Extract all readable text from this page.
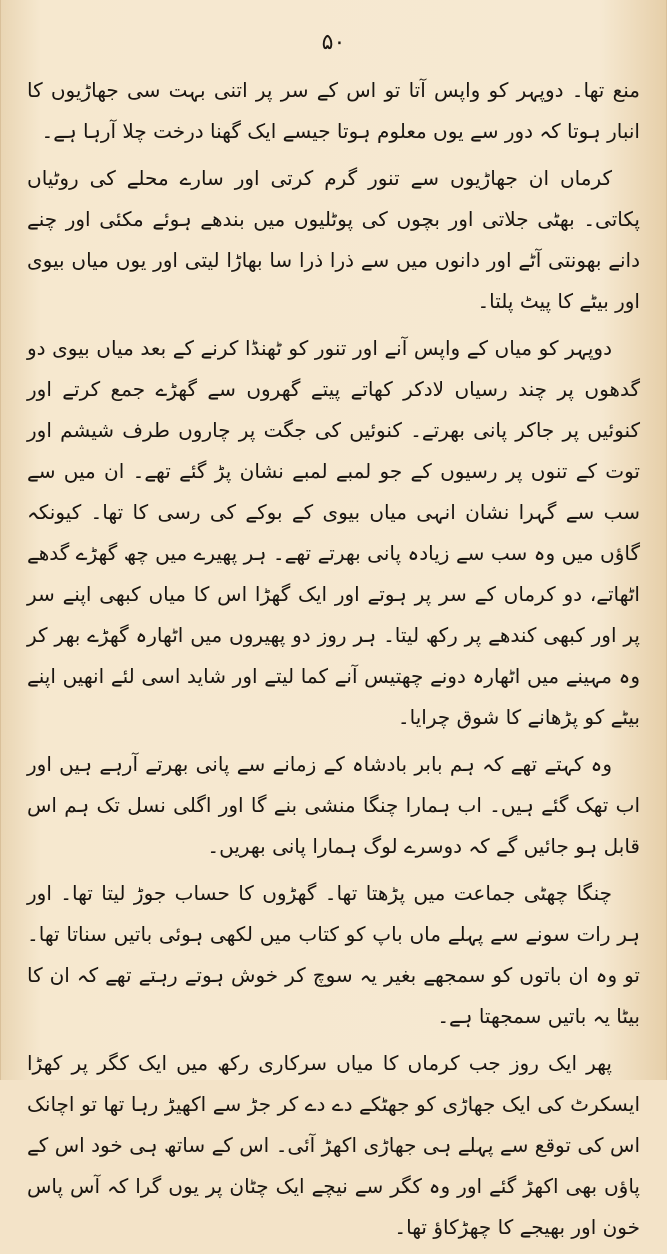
۵۰

منع تھا۔ دوپہر کو واپس آتا تو اس کے سر پر اتنی بہت سی جھاڑیوں کا انبار ہوتا کہ دور سے یوں معلوم ہوتا جیسے ایک گھنا درخت چلا آرہا ہے۔

کرماں ان جھاڑیوں سے تنور گرم کرتی اور سارے محلے کی روٹیاں پکاتی۔ بھٹی جلاتی اور بچوں کی پوٹلیوں میں بندھے ہوئے مکئی اور چنے دانے بھونتی آٹے اور دانوں میں سے ذرا ذرا سا بھاڑا لیتی اور یوں میاں بیوی اور بیٹے کا پیٹ پلتا۔

دوپہر کو میاں کے واپس آنے اور تنور کو ٹھنڈا کرنے کے بعد میاں بیوی دو گدھوں پر چند رسیاں لادکر کھاتے پیتے گھروں سے گھڑے جمع کرتے اور کنوئیں پر جاکر پانی بھرتے۔ کنوئیں کی جگت پر چاروں طرف شیشم اور توت کے تنوں پر رسیوں کے جو لمبے لمبے نشان پڑ گئے تھے۔ ان میں سے سب سے گہرا نشان انہی میاں بیوی کے بوکے کی رسی کا تھا۔ کیونکہ گاؤں میں وہ سب سے زیادہ پانی بھرتے تھے۔ ہر پھیرے میں چھ گھڑے گدھے اٹھاتے، دو کرماں کے سر پر ہوتے اور ایک گھڑا اس کا میاں کبھی اپنے سر پر اور کبھی کندھے پر رکھ لیتا۔ ہر روز دو پھیروں میں اٹھارہ گھڑے بھر کر وہ مہینے میں اٹھارہ دونے چھتیس آنے کما لیتے اور شاید اسی لئے انھیں اپنے بیٹے کو پڑھانے کا شوق چرایا۔

وہ کہتے تھے کہ ہم بابر بادشاہ کے زمانے سے پانی بھرتے آرہے ہیں اور اب تھک گئے ہیں۔ اب ہمارا چنگا منشی بنے گا اور اگلی نسل تک ہم اس قابل ہو جائیں گے کہ دوسرے لوگ ہمارا پانی بھریں۔

چنگا چھٹی جماعت میں پڑھتا تھا۔ گھڑوں کا حساب جوڑ لیتا تھا۔ اور ہر رات سونے سے پہلے ماں باپ کو کتاب میں لکھی ہوئی باتیں سناتا تھا۔ تو وہ ان باتوں کو سمجھے بغیر یہ سوچ کر خوش ہوتے رہتے تھے کہ ان کا بیٹا یہ باتیں سمجھتا ہے۔

پھر ایک روز جب کرماں کا میاں سرکاری رکھ میں ایک کگر پر کھڑا ایسکرٹ کی ایک جھاڑی کو جھٹکے دے دے کر جڑ سے اکھیڑ رہا تھا تو اچانک اس کی توقع سے پہلے ہی جھاڑی اکھڑ آئی۔ اس کے ساتھ ہی خود اس کے پاؤں بھی اکھڑ گئے اور وہ کگر سے نیچے ایک چٹان پر یوں گرا کہ آس پاس خون اور بھیجے کا چھڑکاؤ تھا۔
